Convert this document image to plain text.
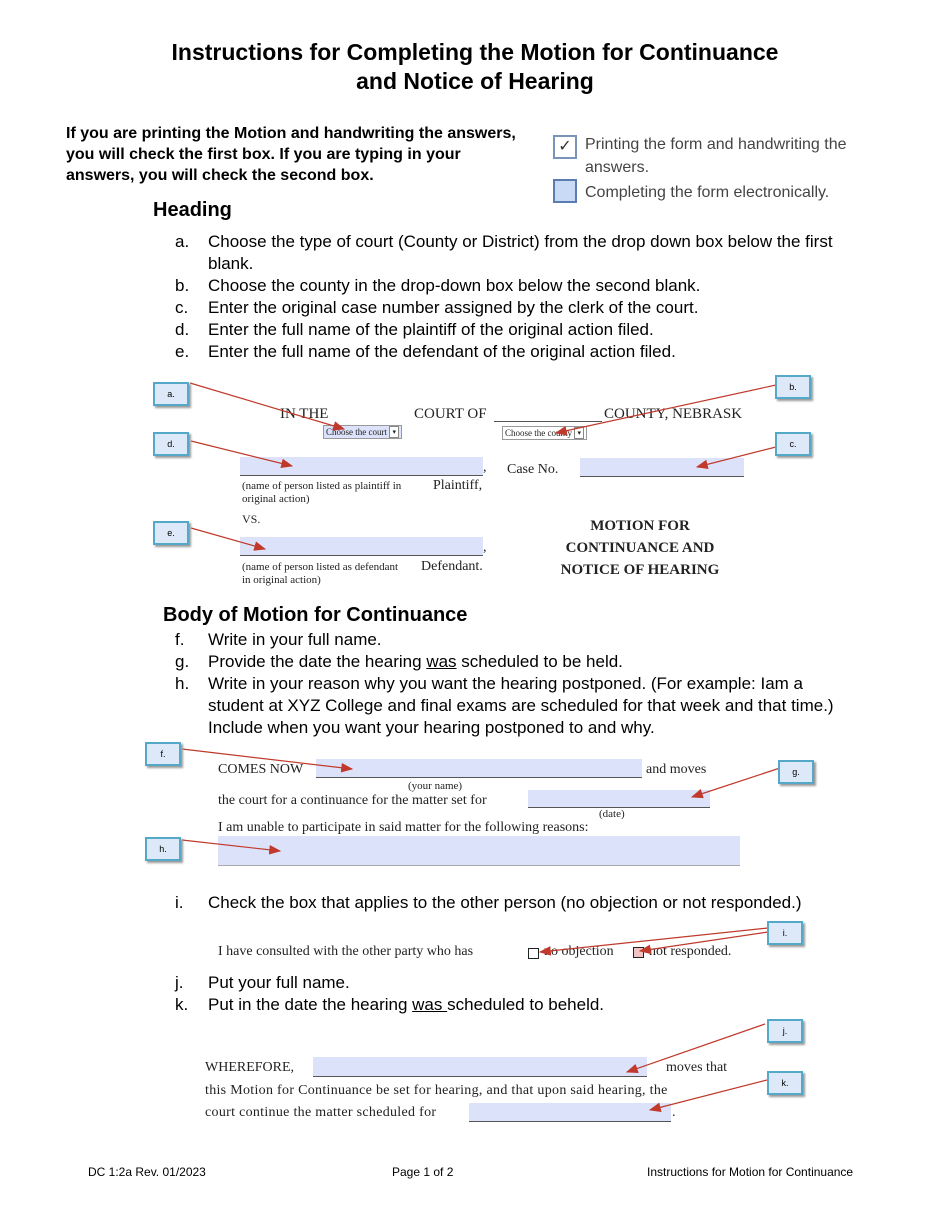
Instructions for Completing the Motion for Continuance
and Notice of Hearing
If you are printing the Motion and handwriting the answers, you will check the first box. If you are typing in your answers, you will check the second box.
✓ Printing the form and handwriting the answers.
Completing the form electronically.
Heading
a.	Choose the type of court (County or District) from the drop down box below the first blank.
b.	Choose the county in the drop-down box below the second blank.
c.	Enter the original case number assigned by the clerk of the court.
d.	Enter the full name of the plaintiff of the original action filed.
e.	Enter the full name of the defendant of the original action filed.
IN THE	COURT OF	COUNTY, NEBRASK
Choose the court ▾	Choose the county ▾
,
(name of person listed as plaintiff in original action)
Plaintiff,
Case No.
VS.
,
(name of person listed as defendant in original action)
Defendant.
MOTION FOR
CONTINUANCE AND
NOTICE OF HEARING
Body of Motion for Continuance
f.	Write in your full name.
g.	Provide the date the hearing was scheduled to be held.
h.	Write in your reason why you want the hearing postponed. (For example: Iam a student at XYZ College and final exams are scheduled for that week and that time.) Include when you want your hearing postponed to and why.
COMES NOW	and moves
(your name)
the court for a continuance for the matter set for
(date)
I am unable to participate in said matter for the following reasons:
i.	Check the box that applies to the other person (no objection or not responded.)
I have consulted with the other party who has	no objection	not responded.
j.	Put your full name.
k.	Put in the date the hearing was scheduled to beheld.
WHEREFORE,	moves that
this Motion for Continuance be set for hearing, and that upon said hearing, the
court continue the matter scheduled for	.
a.
b.
c.
d.
e.
f.
g.
h.
i.
j.
k.
DC 1:2a Rev. 01/2023	Page 1 of 2	Instructions for Motion for Continuance
